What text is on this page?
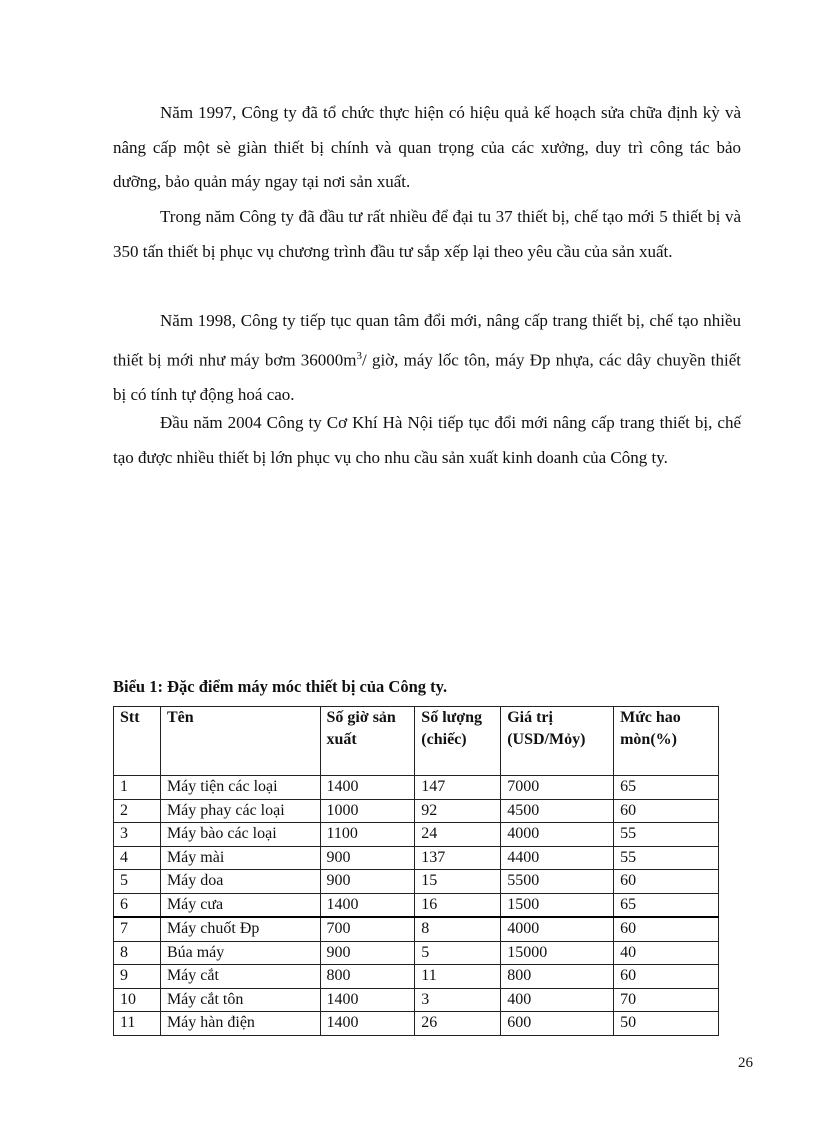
Năm 1997, Công ty đã tổ chức thực hiện có hiệu quả kế hoạch sửa chữa định kỳ và nâng cấp một sè giàn thiết bị chính và quan trọng của các xưởng, duy trì công tác bảo dưỡng, bảo quản máy ngay tại nơi sản xuất.

Trong năm Công ty đã đầu tư rất nhiều để đại tu 37 thiết bị, chế tạo mới 5 thiết bị và 350 tấn thiết bị phục vụ chương trình đầu tư sắp xếp lại theo yêu cầu của sản xuất.

Năm 1998, Công ty tiếp tục quan tâm đổi mới, nâng cấp trang thiết bị, chế tạo nhiều thiết bị mới như máy bơm $36000m^3/$ giờ, máy lốc tôn, máy Đp nhựa, các dây chuyền thiết bị có tính tự động hoá cao.

Đầu năm 2004 Công ty Cơ Khí Hà Nội tiếp tục đổi mới nâng cấp trang thiết bị, chế tạo được nhiều thiết bị lớn phục vụ cho nhu cầu sản xuất kinh doanh của Công ty.

Biểu 1: Đặc điểm máy móc thiết bị của Công ty.

Stt	Tên	Số giờ sản xuất	Số lượng (chiếc)	Giá trị (USD/Mỏy)	Mức hao mòn(%)
1	Máy tiện các loại	1400	147	7000	65
2	Máy phay các loại	1000	92	4500	60
3	Máy bào các loại	1100	24	4000	55
4	Máy mài	900	137	4400	55
5	Máy doa	900	15	5500	60
6	Máy cưa	1400	16	1500	65
7	Máy chuốt Đp	700	8	4000	60
8	Búa máy	900	5	15000	40
9	Máy cắt	800	11	800	60
10	Máy cắt tôn	1400	3	400	70
11	Máy hàn điện	1400	26	600	50
26
